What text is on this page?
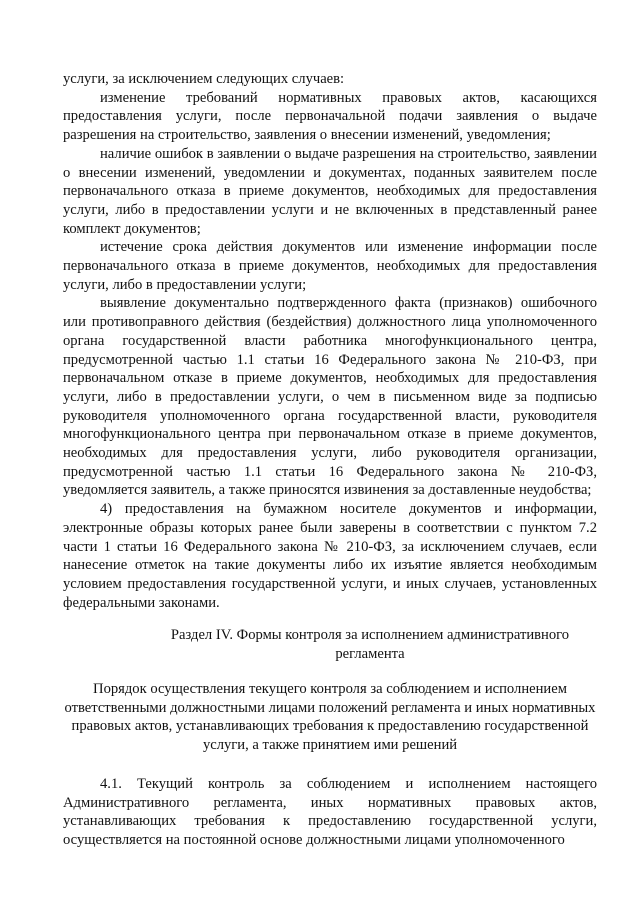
услуги, за исключением следующих случаев:

изменение требований нормативных правовых актов, касающихся предоставления услуги, после первоначальной подачи заявления о выдаче разрешения на строительство, заявления о внесении изменений, уведомления;

наличие ошибок в заявлении о выдаче разрешения на строительство, заявлении о внесении изменений, уведомлении и документах, поданных заявителем после первоначального отказа в приеме документов, необходимых для предоставления услуги, либо в предоставлении услуги и не включенных в представленный ранее комплект документов;

истечение срока действия документов или изменение информации после первоначального отказа в приеме документов, необходимых для предоставления услуги, либо в предоставлении услуги;

выявление документально подтвержденного факта (признаков) ошибочного или противоправного действия (бездействия) должностного лица уполномоченного органа государственной власти работника многофункционального центра, предусмотренной частью 1.1 статьи 16 Федерального закона № 210-ФЗ, при первоначальном отказе в приеме документов, необходимых для предоставления услуги, либо в предоставлении услуги, о чем в письменном виде за подписью руководителя уполномоченного органа государственной власти, руководителя многофункционального центра при первоначальном отказе в приеме документов, необходимых для предоставления услуги, либо руководителя организации, предусмотренной частью 1.1 статьи 16 Федерального закона № 210-ФЗ, уведомляется заявитель, а также приносятся извинения за доставленные неудобства;

4) предоставления на бумажном носителе документов и информации, электронные образы которых ранее были заверены в соответствии с пунктом 7.2 части 1 статьи 16 Федерального закона № 210-ФЗ, за исключением случаев, если нанесение отметок на такие документы либо их изъятие является необходимым условием предоставления государственной услуги, и иных случаев, установленных федеральными законами.

Раздел IV. Формы контроля за исполнением административного регламента

Порядок осуществления текущего контроля за соблюдением и исполнением ответственными должностными лицами положений регламента и иных нормативных правовых актов, устанавливающих требования к предоставлению государственной услуги, а также принятием ими решений

4.1. Текущий контроль за соблюдением и исполнением настоящего Административного регламента, иных нормативных правовых актов, устанавливающих требования к предоставлению государственной услуги, осуществляется на постоянной основе должностными лицами уполномоченного
